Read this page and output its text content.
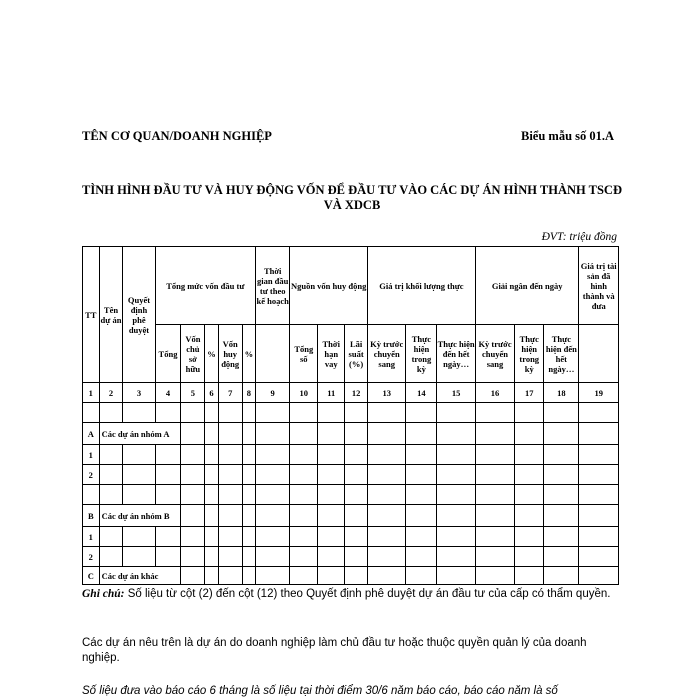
TÊN CƠ QUAN/DOANH NGHIỆP	Biểu mẫu số 01.A
TÌNH HÌNH ĐẦU TƯ VÀ HUY ĐỘNG VỐN ĐỂ ĐẦU TƯ VÀO CÁC DỰ ÁN HÌNH THÀNH TSCĐ VÀ XDCB
ĐVT: triệu đồng
TT	Tên dự án	Quyết định phê duyệt	Tổng mức vốn đầu tư					Thời gian đầu tư theo kế hoạch	Nguồn vốn huy động			Giá trị khối lượng thực			Giải ngân đến ngày			Giá trị tài sản đã hình thành và đưa
			Tổng	Vốn chủ sở hữu	%	Vốn huy động	%		Tổng số	Thời hạn vay	Lãi suất (%)	Kỳ trước chuyển sang	Thực hiện trong kỳ	Thực hiện đến hết ngày…	Kỳ trước chuyển sang	Thực hiện trong kỳ	Thực hiện đến hết ngày…	
1	2	3	4	5	6	7	8	9	10	11	12	13	14	15	16	17	18	19

A	Các dự án nhóm A																	
1																		
2																		

B	Các dự án nhóm B																	
1																		
2																		
C	Các dự án khác																	
Ghi chú: Số liệu từ cột (2) đến cột (12) theo Quyết định phê duyệt dự án đầu tư của cấp có thẩm quyền.
Các dự án nêu trên là dự án do doanh nghiệp làm chủ đầu tư hoặc thuộc quyền quản lý của doanh nghiệp.
Số liệu đưa vào báo cáo 6 tháng là số liệu tại thời điểm 30/6 năm báo cáo, báo cáo năm là số
